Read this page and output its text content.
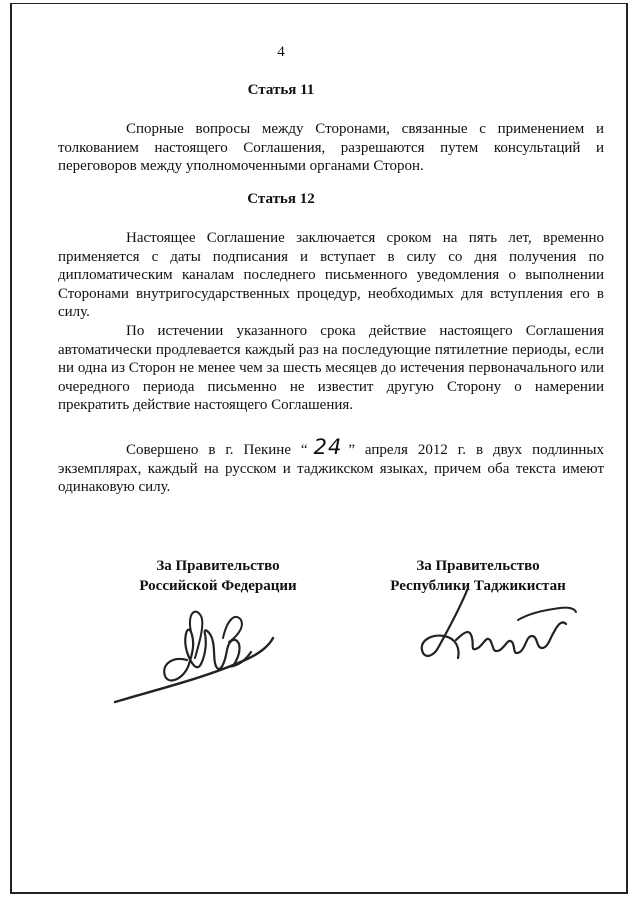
4
Статья 11
Спорные вопросы между Сторонами, связанные с применением и толкованием настоящего Соглашения, разрешаются путем консультаций и переговоров между уполномоченными органами Сторон.
Статья 12
Настоящее Соглашение заключается сроком на пять лет, временно применяется с даты подписания и вступает в силу со дня получения по дипломатическим каналам последнего письменного уведомления о выполнении Сторонами внутригосударственных процедур, необходимых для вступления его в силу.
По истечении указанного срока действие настоящего Соглашения автоматически продлевается каждый раз на последующие пятилетние периоды, если ни одна из Сторон не менее чем за шесть месяцев до истечения первоначального или очередного периода письменно не известит другую Сторону о намерении прекратить действие настоящего Соглашения.
Совершено в г. Пекине “ 24 ” апреля 2012 г. в двух подлинных экземплярах, каждый на русском и таджикском языках, причем оба текста имеют одинаковую силу.
За Правительство
Российской Федерации
За Правительство
Республики Таджикистан
